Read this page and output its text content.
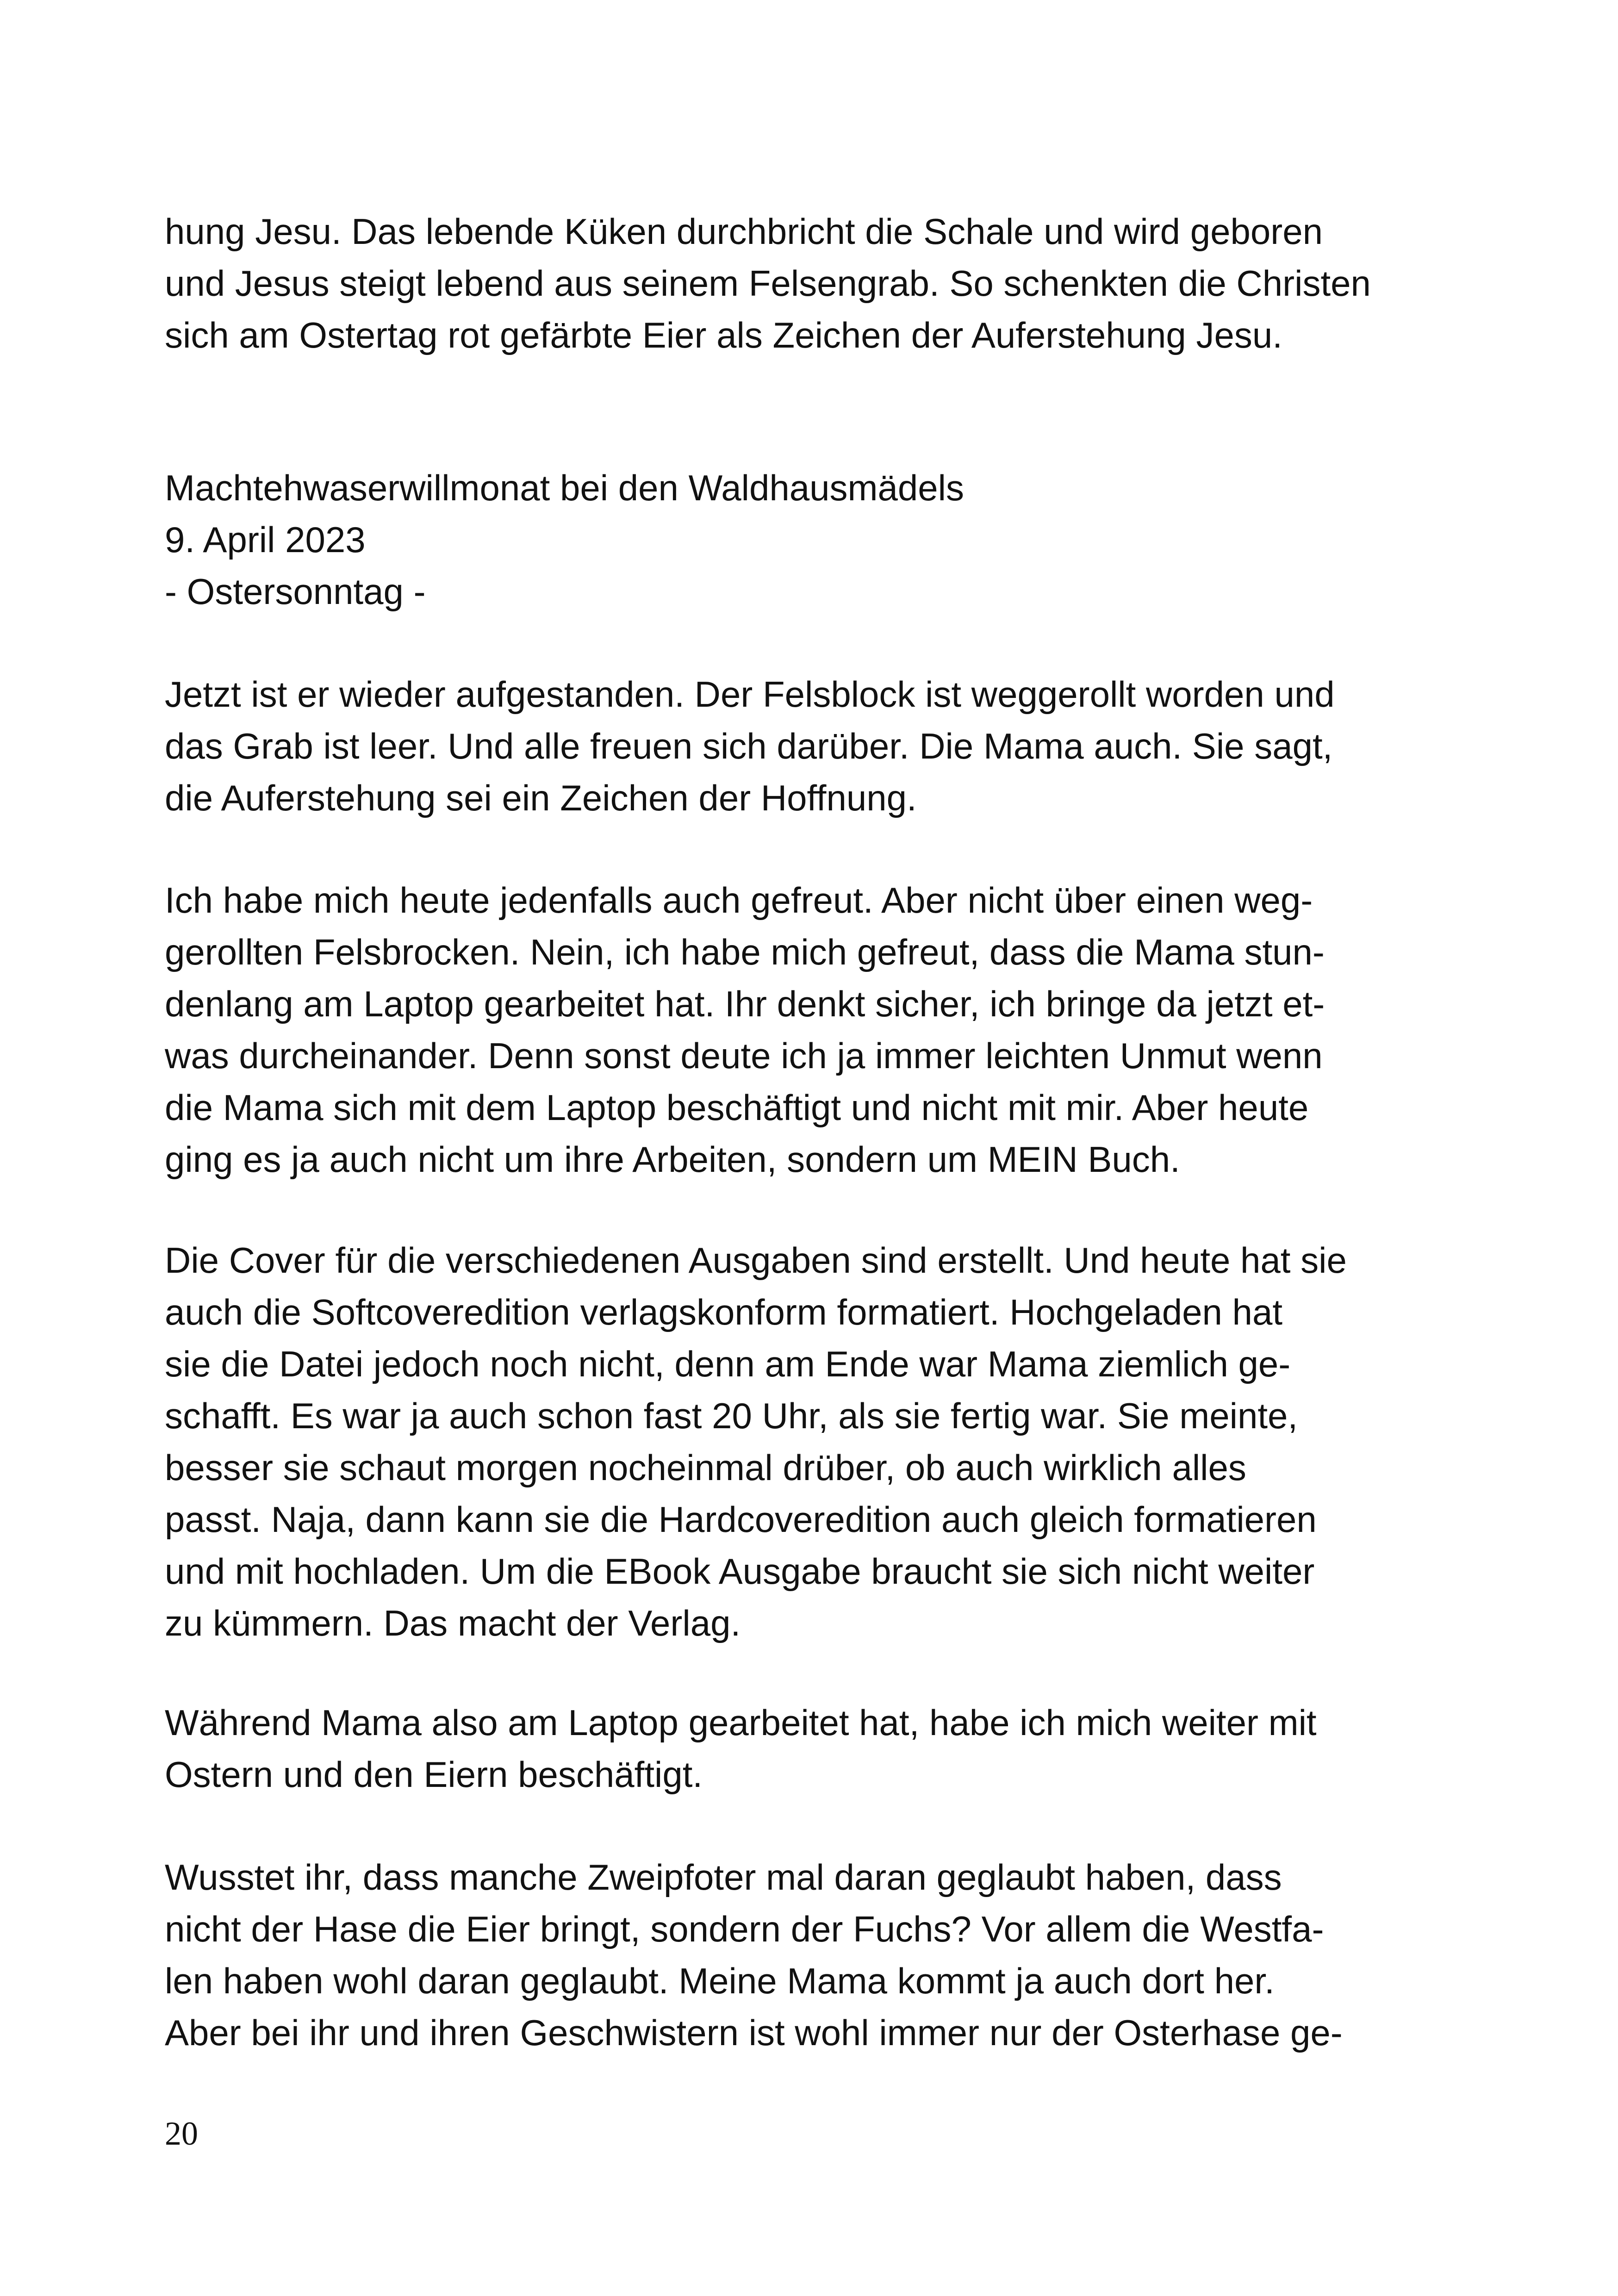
hung Jesu. Das lebende Küken durchbricht die Schale und wird geboren
und Jesus steigt lebend aus seinem Felsengrab. So schenkten die Christen
sich am Ostertag rot gefärbte Eier als Zeichen der Auferstehung Jesu.
Machtehwaserwillmonat bei den Waldhausmädels
9. April 2023
- Ostersonntag -
Jetzt ist er wieder aufgestanden. Der Felsblock ist weggerollt worden und
das Grab ist leer. Und alle freuen sich darüber. Die Mama auch. Sie sagt,
die Auferstehung sei ein Zeichen der Hoffnung.
Ich habe mich heute jedenfalls auch gefreut. Aber nicht über einen weg-
gerollten Felsbrocken. Nein, ich habe mich gefreut, dass die Mama stun-
denlang am Laptop gearbeitet hat. Ihr denkt sicher, ich bringe da jetzt et-
was durcheinander. Denn sonst deute ich ja immer leichten Unmut wenn
die Mama sich mit dem Laptop beschäftigt und nicht mit mir. Aber heute
ging es ja auch nicht um ihre Arbeiten, sondern um MEIN Buch.
Die Cover für die verschiedenen Ausgaben sind erstellt. Und heute hat sie
auch die Softcoveredition verlagskonform formatiert. Hochgeladen hat
sie die Datei jedoch noch nicht, denn am Ende war Mama ziemlich ge-
schafft. Es war ja auch schon fast 20 Uhr, als sie fertig war. Sie meinte,
besser sie schaut morgen nocheinmal drüber, ob auch wirklich alles
passt. Naja, dann kann sie die Hardcoveredition auch gleich formatieren
und mit hochladen. Um die EBook Ausgabe braucht sie sich nicht weiter
zu kümmern. Das macht der Verlag.
Während Mama also am Laptop gearbeitet hat, habe ich mich weiter mit
Ostern und den Eiern beschäftigt.
Wusstet ihr, dass manche Zweipfoter mal daran geglaubt haben, dass
nicht der Hase die Eier bringt, sondern der Fuchs? Vor allem die Westfa-
len haben wohl daran geglaubt. Meine Mama kommt ja auch dort her.
Aber bei ihr und ihren Geschwistern ist wohl immer nur der Osterhase ge-
20
